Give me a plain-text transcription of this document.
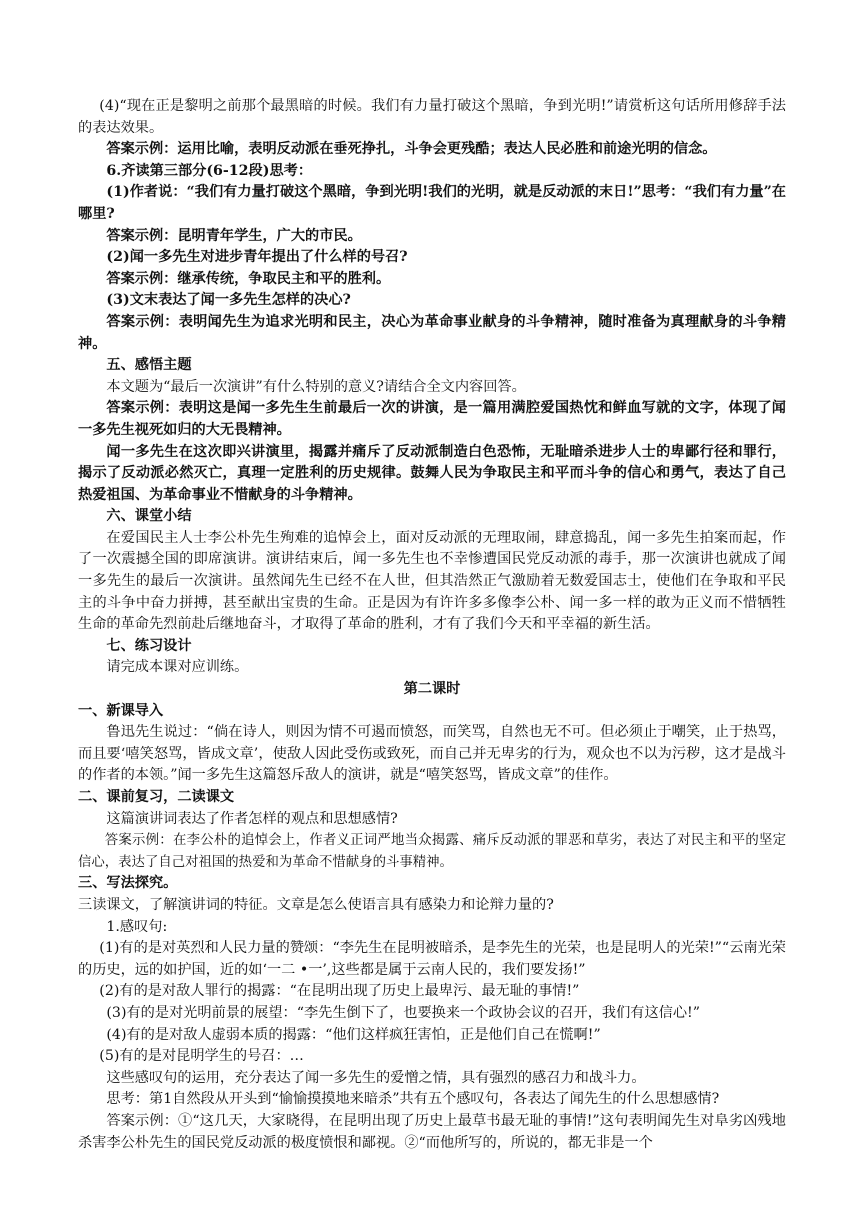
(4)“现在正是黎明之前那个最黑暗的时候。我们有力量打破这个黑暗，争到光明!”请赏析这句话所用修辞手法的表达效果。

答案示例：运用比喻，表明反动派在垂死挣扎，斗争会更残酷；表达人民必胜和前途光明的信念。

6.齐读第三部分(6-12段)思考：

(1)作者说：“我们有力量打破这个黑暗，争到光明!我们的光明，就是反动派的末日!”思考：“我们有力量”在哪里?

答案示例：昆明青年学生，广大的市民。

(2)闻一多先生对进步青年提出了什么样的号召?

答案示例：继承传统，争取民主和平的胜利。

(3)文末表达了闻一多先生怎样的决心?

答案示例：表明闻先生为追求光明和民主，决心为革命事业献身的斗争精神，随时准备为真理献身的斗争精神。

五、感悟主题

本文题为“最后一次演讲”有什么特别的意义?请结合全文内容回答。

答案示例：表明这是闻一多先生生前最后一次的讲演，是一篇用满腔爱国热忱和鲜血写就的文字，体现了闻一多先生视死如归的大无畏精神。

闻一多先生在这次即兴讲演里，揭露并痛斥了反动派制造白色恐怖，无耻暗杀进步人士的卑鄙行径和罪行，揭示了反动派必然灭亡，真理一定胜利的历史规律。鼓舞人民为争取民主和平而斗争的信心和勇气，表达了自己热爱祖国、为革命事业不惜献身的斗争精神。

六、课堂小结

在爱国民主人士李公朴先生殉难的追悼会上，面对反动派的无理取闹，肆意捣乱，闻一多先生拍案而起，作了一次震撼全国的即席演讲。演讲结束后，闻一多先生也不幸惨遭国民党反动派的毒手，那一次演讲也就成了闻一多先生的最后一次演讲。虽然闻先生已经不在人世，但其浩然正气激励着无数爱国志士，使他们在争取和平民主的斗争中奋力拼搏，甚至献出宝贵的生命。正是因为有许许多多像李公朴、闻一多一样的敢为正义而不惜牺牲生命的革命先烈前赴后继地奋斗，才取得了革命的胜利，才有了我们今天和平幸福的新生活。

七、练习设计

请完成本课对应训练。

第二课时

一、新课导入

鲁迅先生说过：“倘在诗人，则因为情不可遏而愤怒，而笑骂，自然也无不可。但必须止于嘲笑，止于热骂，而且要‘嘻笑怒骂，皆成文章’，使敌人因此受伤或致死，而自己并无卑劣的行为，观众也不以为污秽，这才是战斗的作者的本领。”闻一多先生这篇怒斥敌人的演讲，就是“嘻笑怒骂，皆成文章”的佳作。

二、课前复习，二读课文

这篇演讲词表达了作者怎样的观点和思想感情?

答案示例：在李公朴的追悼会上，作者义正词严地当众揭露、痛斥反动派的罪恶和草劣，表达了对民主和平的坚定信心，表达了自己对祖国的热爱和为革命不惜献身的斗事精神。

三、写法探究。

三读课文，了解演讲词的特征。文章是怎么使语言具有感染力和论辩力量的?

1.感叹句:

(1)有的是对英烈和人民力量的赞颂：“李先生在昆明被暗杀，是李先生的光荣，也是昆明人的光荣!”“云南光荣的历史，远的如护国，近的如‘一二 •一’,这些都是属于云南人民的，我们要发扬!”

(2)有的是对敌人罪行的揭露：“在昆明出现了历史上最卑污、最无耻的事情!”

(3)有的是对光明前景的展望：“李先生倒下了，也要换来一个政协会议的召开，我们有这信心!”

(4)有的是对敌人虚弱本质的揭露：“他们这样疯狂害怕，正是他们自己在慌啊!”

(5)有的是对昆明学生的号召：…

这些感叹句的运用，充分表达了闻一多先生的爱憎之情，具有强烈的感召力和战斗力。

思考：第1自然段从开头到“愉愉摸摸地来暗杀”共有五个感叹句，各表达了闻先生的什么思想感情?

答案示例：①“这几天，大家晓得，在昆明出现了历史上最草书最无耻的事情!”这句表明闻先生对阜劣凶残地杀害李公朴先生的国民党反动派的极度愤恨和鄙视。②“而他所写的，所说的，都无非是一个
